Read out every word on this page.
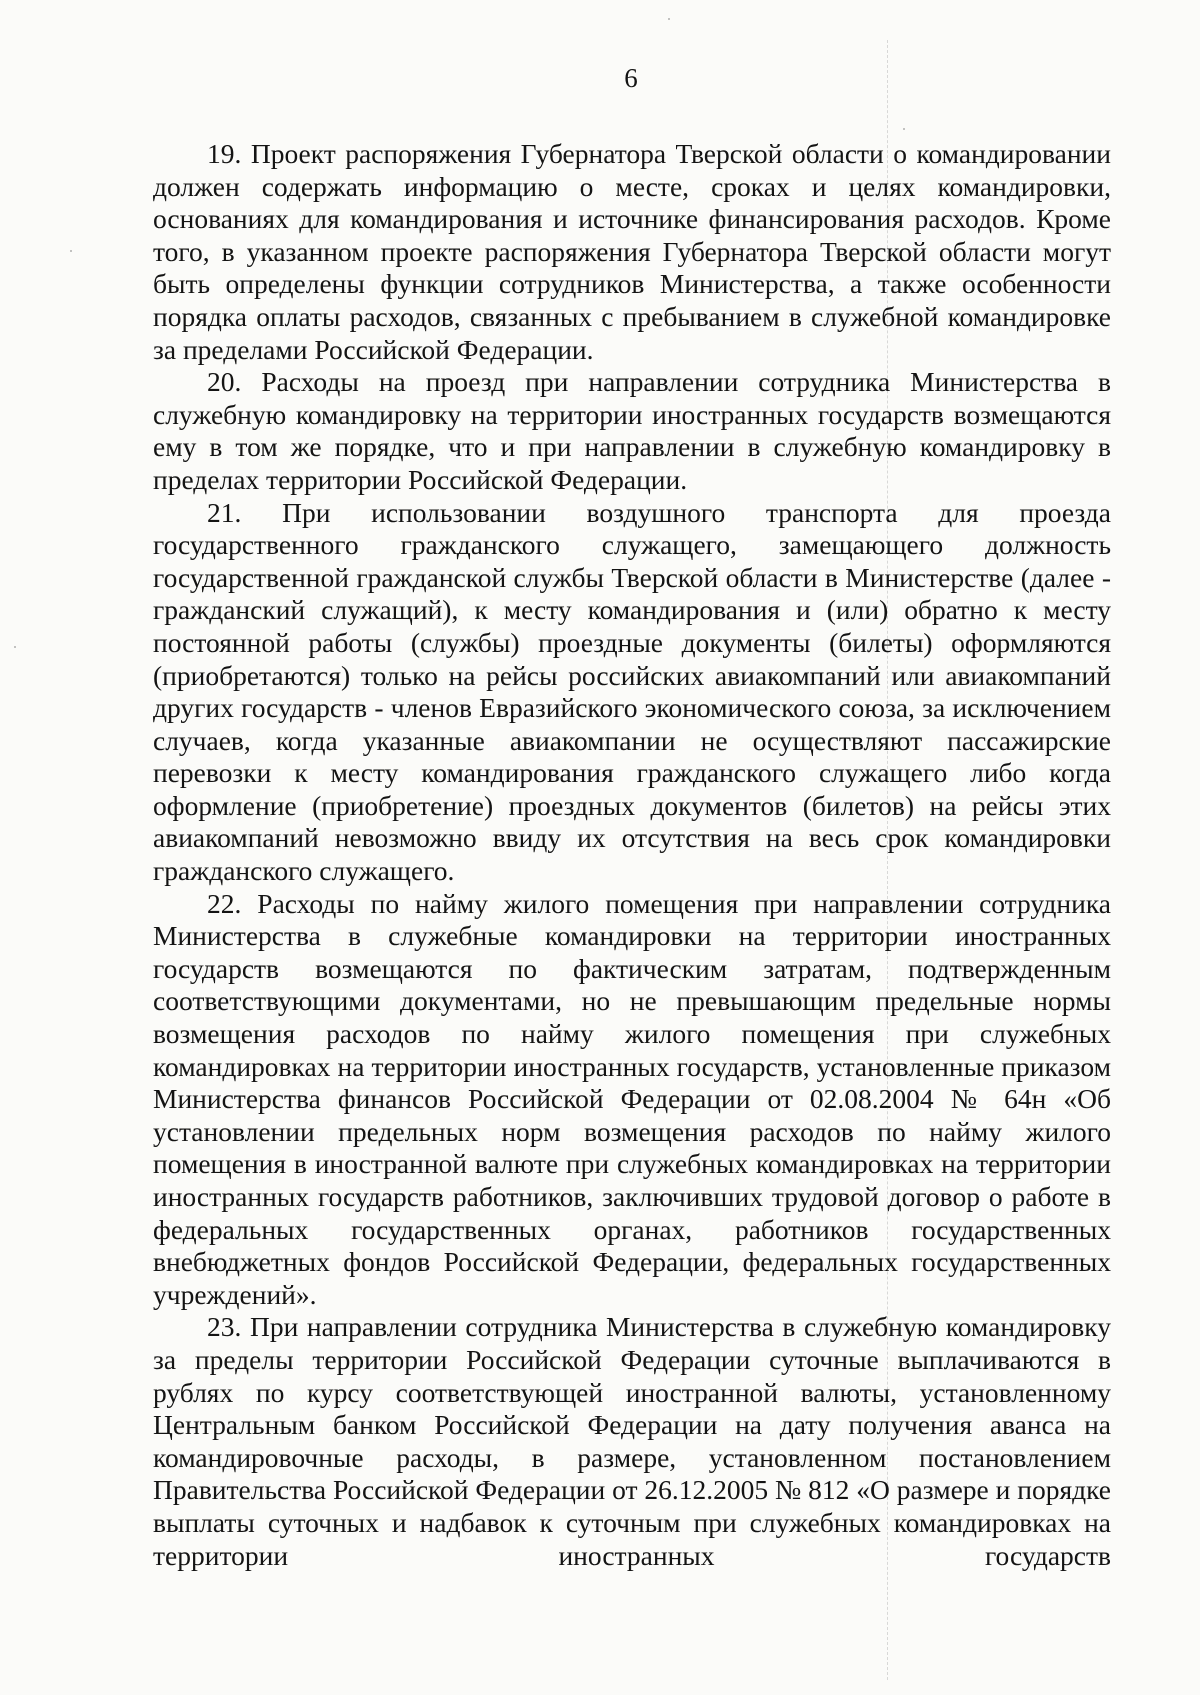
6

19. Проект распоряжения Губернатора Тверской области о командировании должен содержать информацию о месте, сроках и целях командировки, основаниях для командирования и источнике финансирования расходов. Кроме того, в указанном проекте распоряжения Губернатора Тверской области могут быть определены функции сотрудников Министерства, а также особенности порядка оплаты расходов, связанных с пребыванием в служебной командировке за пределами Российской Федерации.

20. Расходы на проезд при направлении сотрудника Министерства в служебную командировку на территории иностранных государств возмещаются ему в том же порядке, что и при направлении в служебную командировку в пределах территории Российской Федерации.

21. При использовании воздушного транспорта для проезда государственного гражданского служащего, замещающего должность государственной гражданской службы Тверской области в Министерстве (далее - гражданский служащий), к месту командирования и (или) обратно к месту постоянной работы (службы) проездные документы (билеты) оформляются (приобретаются) только на рейсы российских авиакомпаний или авиакомпаний других государств - членов Евразийского экономического союза, за исключением случаев, когда указанные авиакомпании не осуществляют пассажирские перевозки к месту командирования гражданского служащего либо когда оформление (приобретение) проездных документов (билетов) на рейсы этих авиакомпаний невозможно ввиду их отсутствия на весь срок командировки гражданского служащего.

22. Расходы по найму жилого помещения при направлении сотрудника Министерства в служебные командировки на территории иностранных государств возмещаются по фактическим затратам, подтвержденным соответствующими документами, но не превышающим предельные нормы возмещения расходов по найму жилого помещения при служебных командировках на территории иностранных государств, установленные приказом Министерства финансов Российской Федерации от 02.08.2004 № 64н «Об установлении предельных норм возмещения расходов по найму жилого помещения в иностранной валюте при служебных командировках на территории иностранных государств работников, заключивших трудовой договор о работе в федеральных государственных органах, работников государственных внебюджетных фондов Российской Федерации, федеральных государственных учреждений».

23. При направлении сотрудника Министерства в служебную командировку за пределы территории Российской Федерации суточные выплачиваются в рублях по курсу соответствующей иностранной валюты, установленному Центральным банком Российской Федерации на дату получения аванса на командировочные расходы, в размере, установленном постановлением Правительства Российской Федерации от 26.12.2005 № 812 «О размере и порядке выплаты суточных и надбавок к суточным при служебных командировках на территории иностранных государств
